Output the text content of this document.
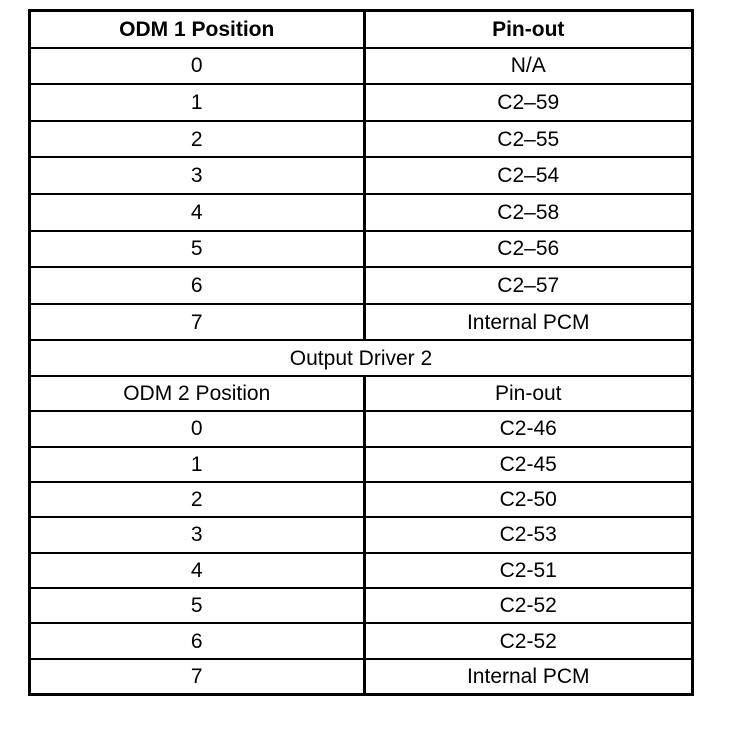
ODM 1 Position	Pin-out
0	N/A
1	C2–59
2	C2–55
3	C2–54
4	C2–58
5	C2–56
6	C2–57
7	Internal PCM
Output Driver 2	
ODM 2 Position	Pin-out
0	C2-46
1	C2-45
2	C2-50
3	C2-53
4	C2-51
5	C2-52
6	C2-52
7	Internal PCM
